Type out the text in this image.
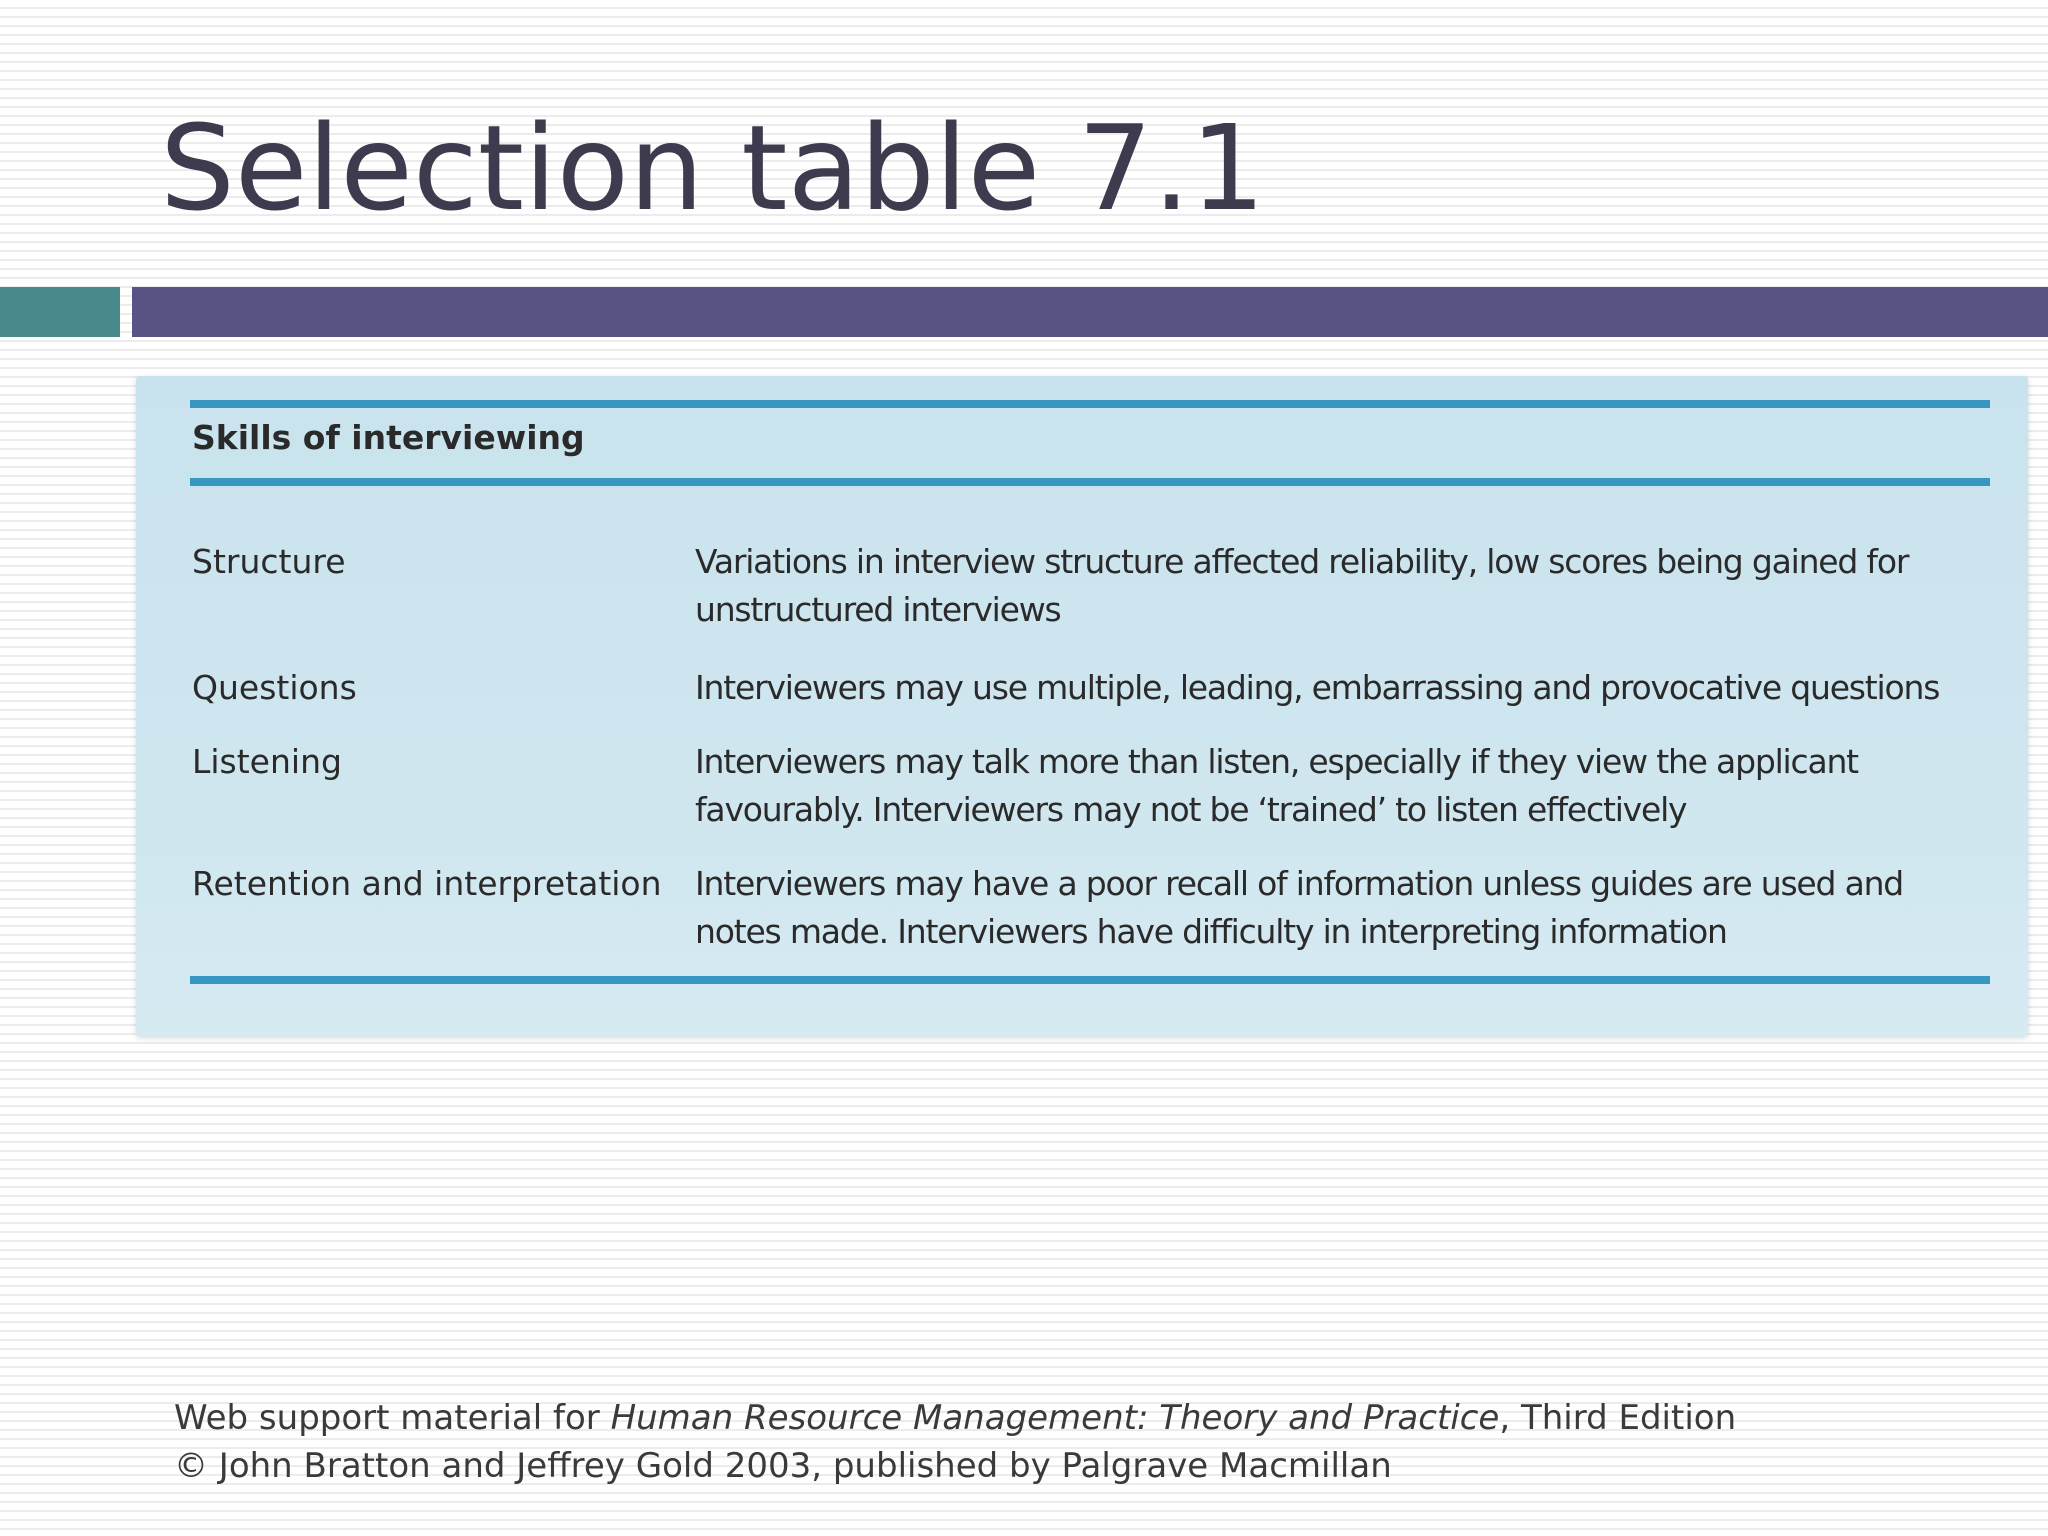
Selection table 7.1
Skills of interviewing
Structure	Variations in interview structure affected reliability, low scores being gained for unstructured interviews
Questions	Interviewers may use multiple, leading, embarrassing and provocative questions
Listening	Interviewers may talk more than listen, especially if they view the applicant favourably. Interviewers may not be ‘trained’ to listen effectively
Retention and interpretation	Interviewers may have a poor recall of information unless guides are used and notes made. Interviewers have difficulty in interpreting information
Web support material for Human Resource Management: Theory and Practice, Third Edition
© John Bratton and Jeffrey Gold 2003, published by Palgrave Macmillan
